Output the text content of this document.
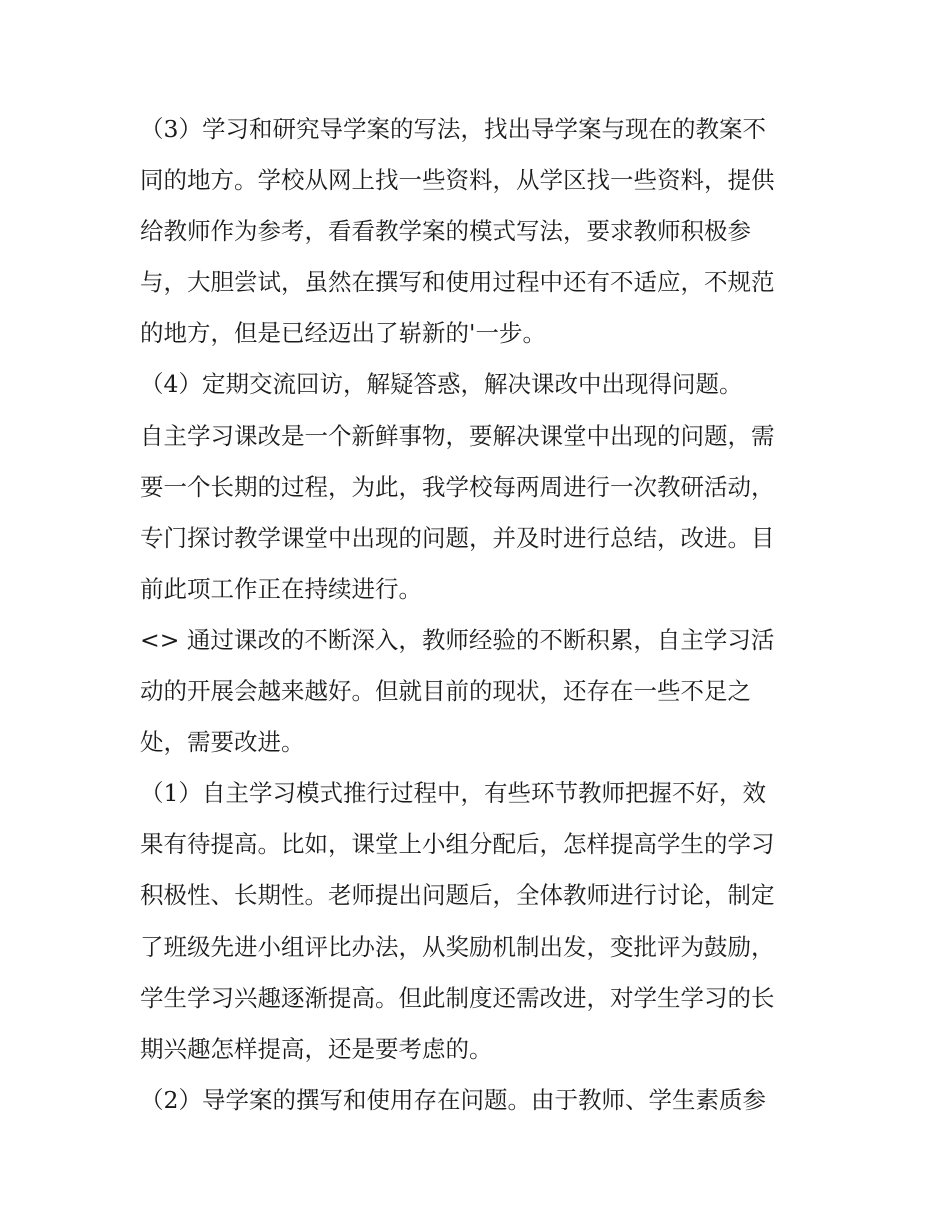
（3）学习和研究导学案的写法，找出导学案与现在的教案不
同的地方。学校从网上找一些资料，从学区找一些资料，提供
给教师作为参考，看看教学案的模式写法，要求教师积极参
与，大胆尝试，虽然在撰写和使用过程中还有不适应，不规范
的地方，但是已经迈出了崭新的'一步。
（4）定期交流回访，解疑答惑，解决课改中出现得问题。
自主学习课改是一个新鲜事物，要解决课堂中出现的问题，需
要一个长期的过程，为此，我学校每两周进行一次教研活动，
专门探讨教学课堂中出现的问题，并及时进行总结，改进。目
前此项工作正在持续进行。
<> 通过课改的不断深入，教师经验的不断积累，自主学习活
动的开展会越来越好。但就目前的现状，还存在一些不足之
处，需要改进。
（1）自主学习模式推行过程中，有些环节教师把握不好，效
果有待提高。比如，课堂上小组分配后，怎样提高学生的学习
积极性、长期性。老师提出问题后，全体教师进行讨论，制定
了班级先进小组评比办法，从奖励机制出发，变批评为鼓励，
学生学习兴趣逐渐提高。但此制度还需改进，对学生学习的长
期兴趣怎样提高，还是要考虑的。
（2）导学案的撰写和使用存在问题。由于教师、学生素质参
